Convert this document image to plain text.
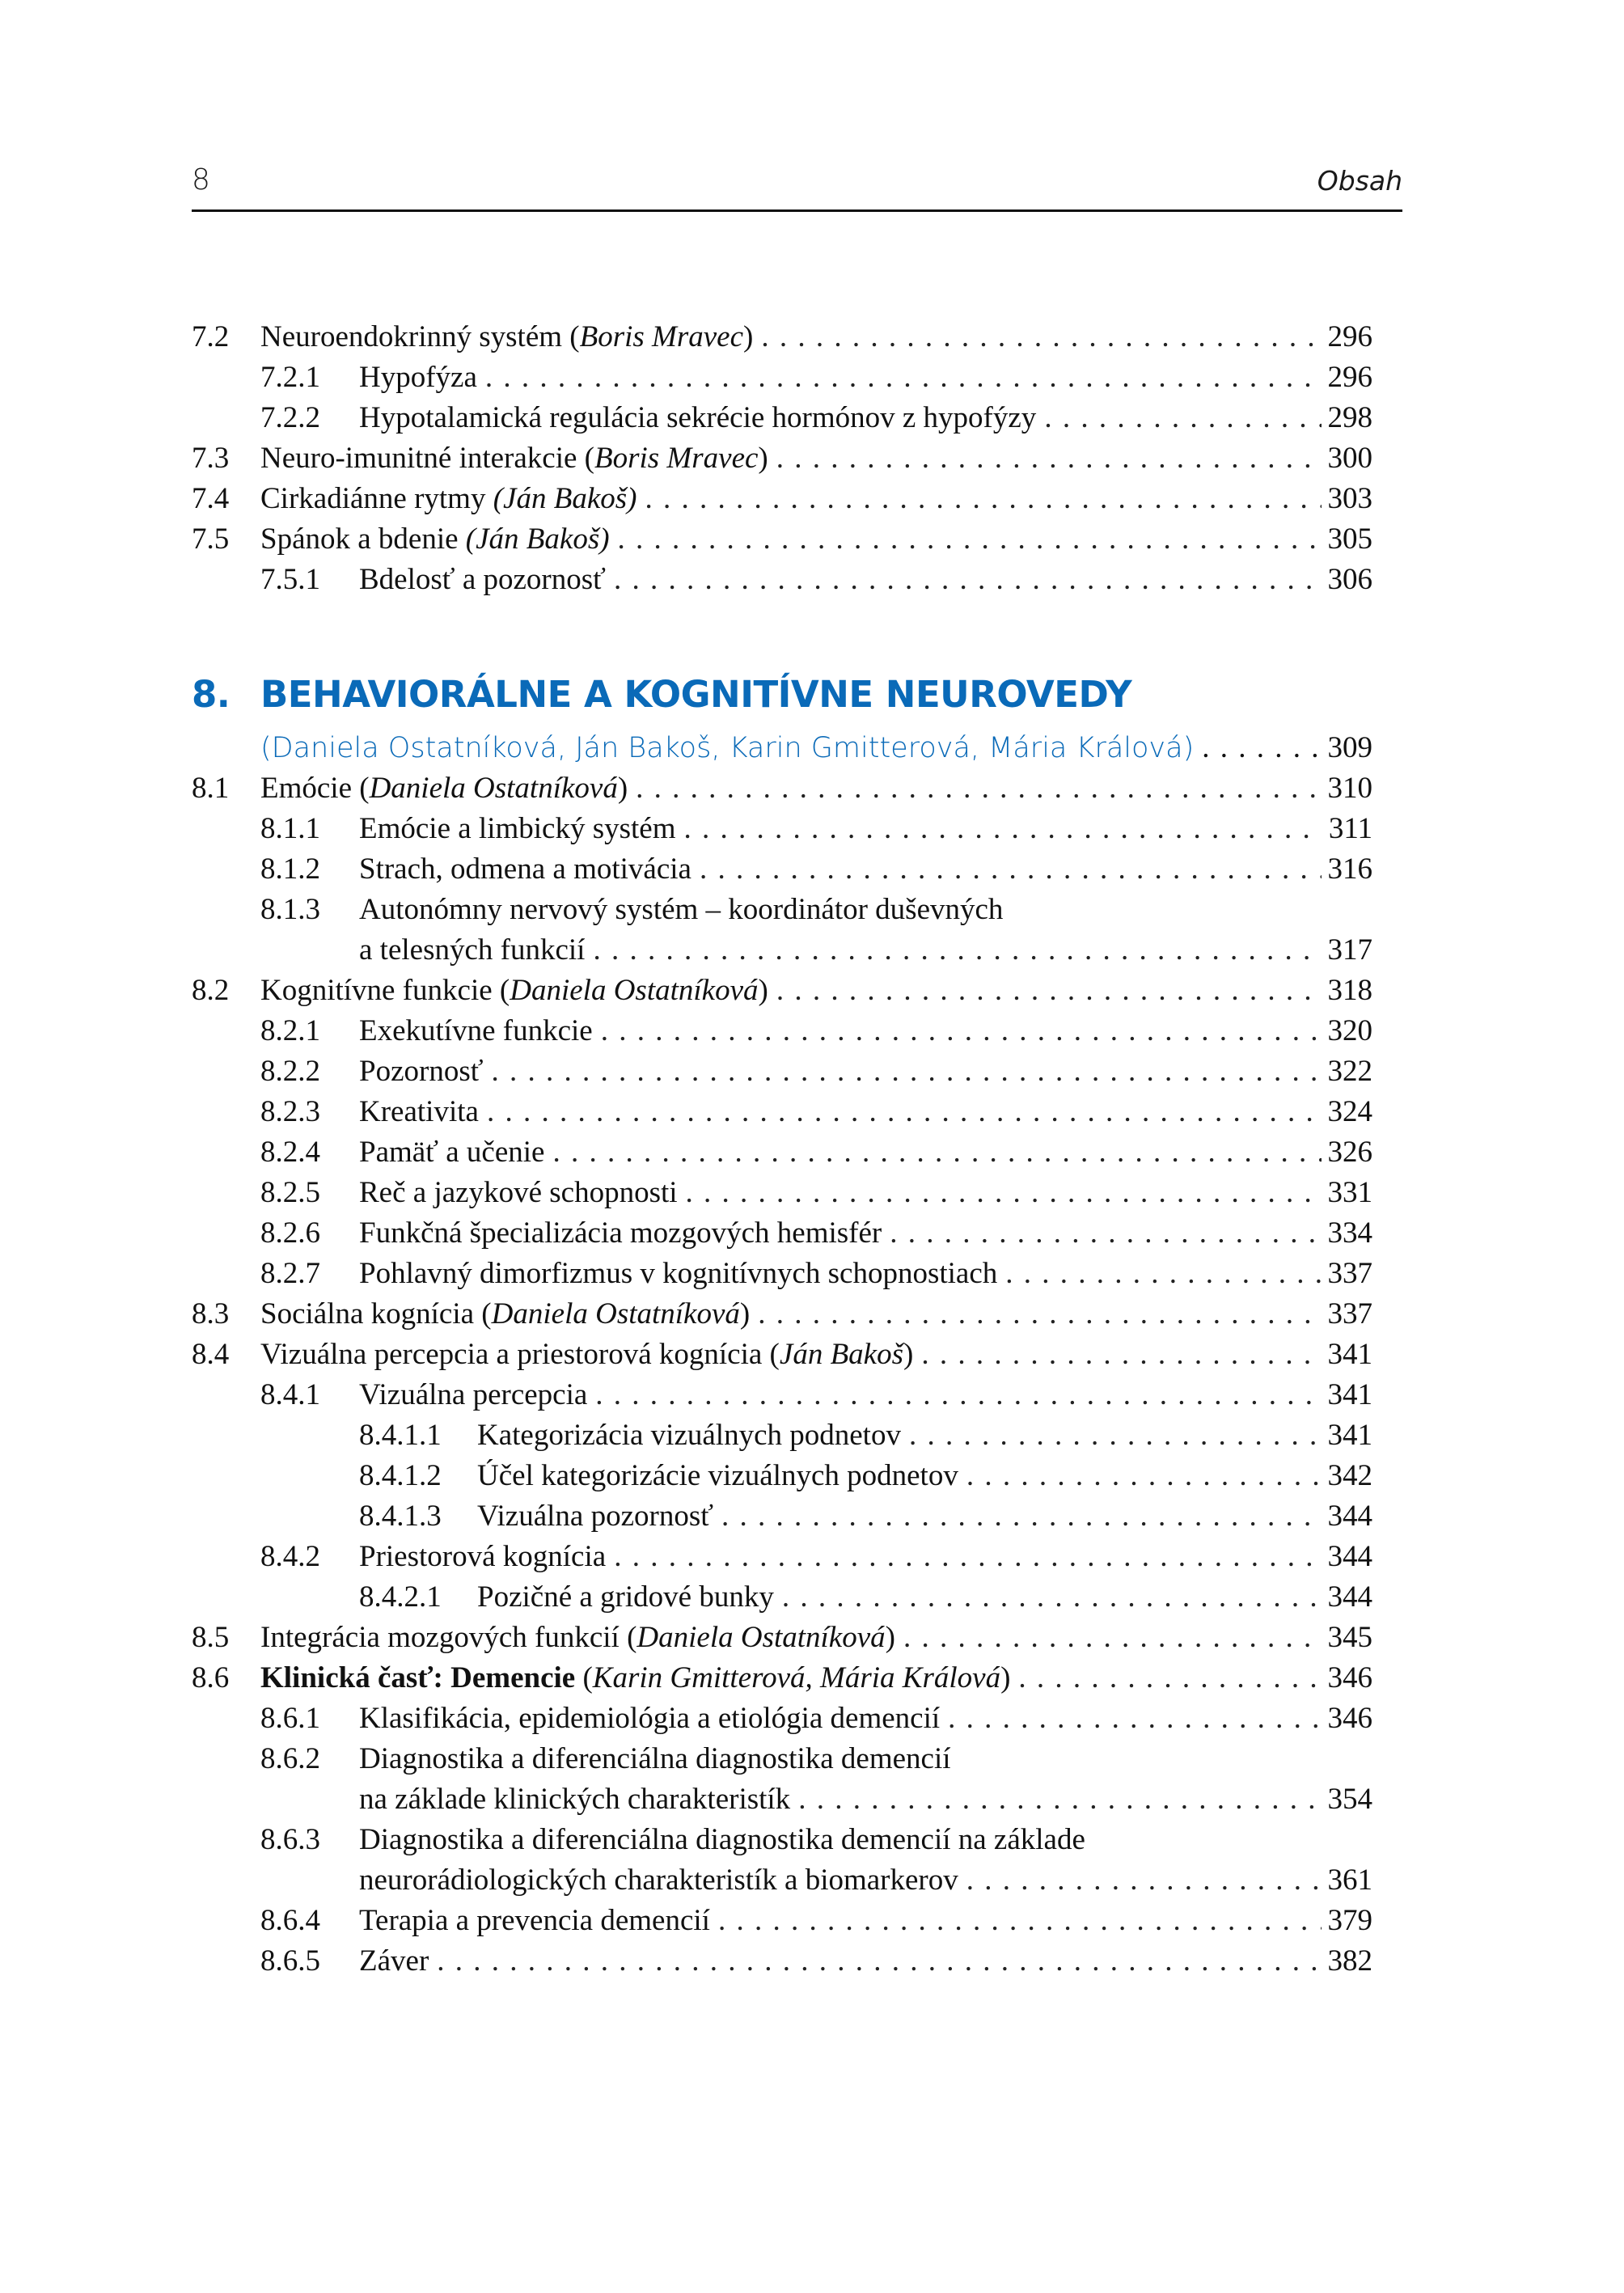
8	Obsah
7.2 Neuroendokrinný systém (Boris Mravec) . . .	296
7.2.1 Hypofýza . . .	296
7.2.2 Hypotalamická regulácia sekrécie hormónov z hypofýzy . . .	298
7.3 Neuro-imunitné interakcie (Boris Mravec) . . .	300
7.4 Cirkadiánne rytmy (Ján Bakoš) . . .	303
7.5 Spánok a bdenie (Ján Bakoš) . . .	305
7.5.1 Bdelosť a pozornosť . . .	306
8. BEHAVIORÁLNE A KOGNITÍVNE NEUROVEDY
(Daniela Ostatníková, Ján Bakoš, Karin Gmitterová, Mária Králová) . . .	309
8.1 Emócie (Daniela Ostatníková) . . .	310
8.1.1 Emócie a limbický systém . . .	311
8.1.2 Strach, odmena a motivácia . . .	316
8.1.3 Autonómny nervový systém – koordinátor duševných
a telesných funkcií . . .	317
8.2 Kognitívne funkcie (Daniela Ostatníková) . . .	318
8.2.1 Exekutívne funkcie . . .	320
8.2.2 Pozornosť . . .	322
8.2.3 Kreativita . . .	324
8.2.4 Pamäť a učenie . . .	326
8.2.5 Reč a jazykové schopnosti . . .	331
8.2.6 Funkčná špecializácia mozgových hemisfér . . .	334
8.2.7 Pohlavný dimorfizmus v kognitívnych schopnostiach . . .	337
8.3 Sociálna kognícia (Daniela Ostatníková) . . .	337
8.4 Vizuálna percepcia a priestorová kognícia (Ján Bakoš) . . .	341
8.4.1 Vizuálna percepcia . . .	341
8.4.1.1 Kategorizácia vizuálnych podnetov . . .	341
8.4.1.2 Účel kategorizácie vizuálnych podnetov . . .	342
8.4.1.3 Vizuálna pozornosť . . .	344
8.4.2 Priestorová kognícia . . .	344
8.4.2.1 Pozičné a gridové bunky . . .	344
8.5 Integrácia mozgových funkcií (Daniela Ostatníková) . . .	345
8.6 Klinická časť: Demencie (Karin Gmitterová, Mária Králová) . . .	346
8.6.1 Klasifikácia, epidemiológia a etiológia demencií . . .	346
8.6.2 Diagnostika a diferenciálna diagnostika demencií
na základe klinických charakteristík . . .	354
8.6.3 Diagnostika a diferenciálna diagnostika demencií na základe
neurorádiologických charakteristík a biomarkerov . . .	361
8.6.4 Terapia a prevencia demencií . . .	379
8.6.5 Záver . . .	382
